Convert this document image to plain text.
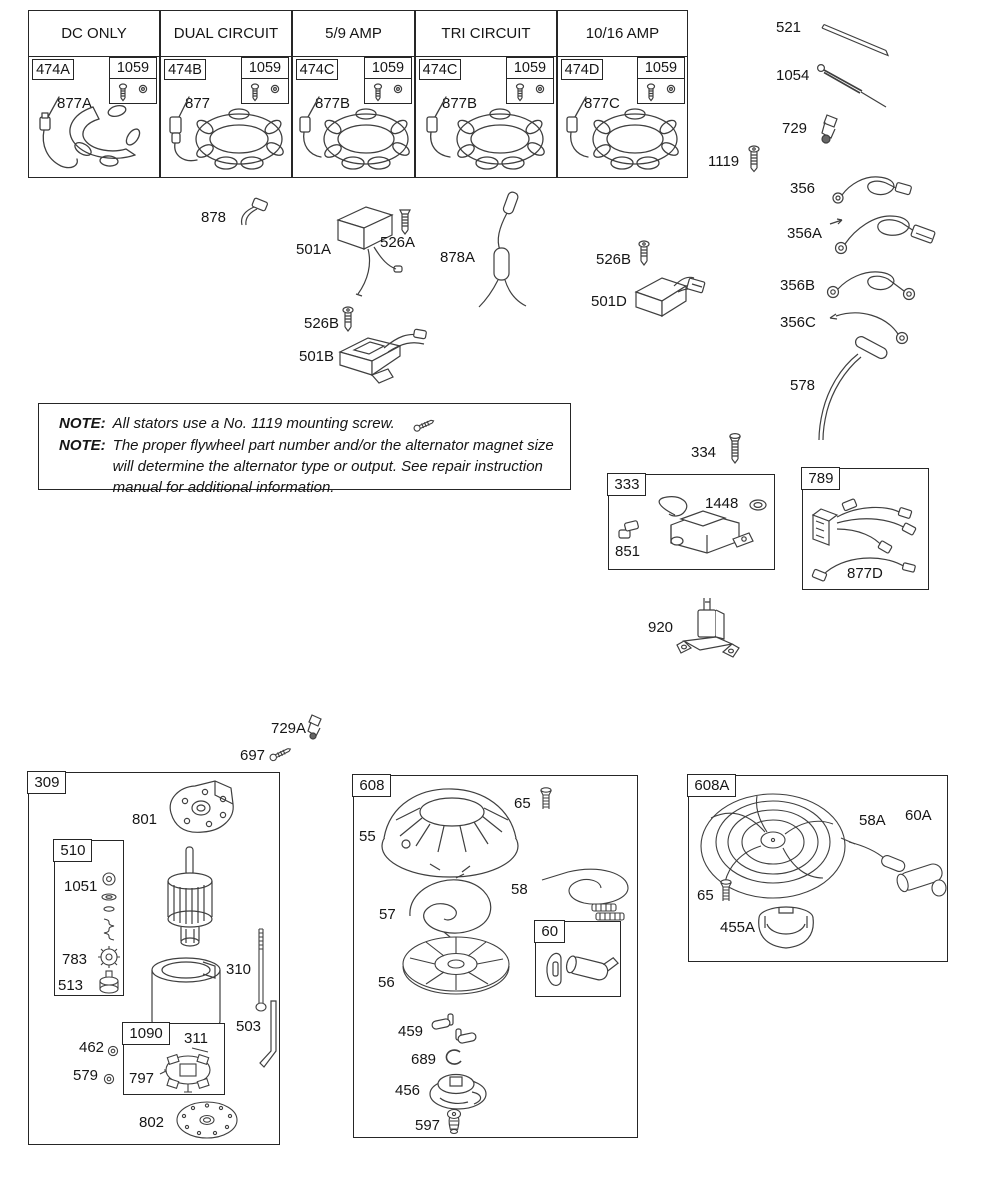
DC ONLY
474A	1059
877A
DUAL CIRCUIT
474B	1059
877
5/9 AMP
474C	1059
877B
TRI CIRCUIT
474C	1059
877B
10/16 AMP
474D	1059
877C
521
1054
729
1119
356
356A
356B
356C
578
878
501A	526A
878A
526B
501B
526B
501D
NOTE: All stators use a No. 1119 mounting screw.
NOTE: The proper flywheel part number and/or the alternator magnet size will determine the alternator type or output. See repair instruction manual for additional information.
334
333
1448
851
789
877D
920
729A
697
309
801
510
1051
783
513
310
503
462
579
1090	311
797
802
608
65
55
58
57
60
56
459
689
456
597
608A
58A 60A
65
455A
